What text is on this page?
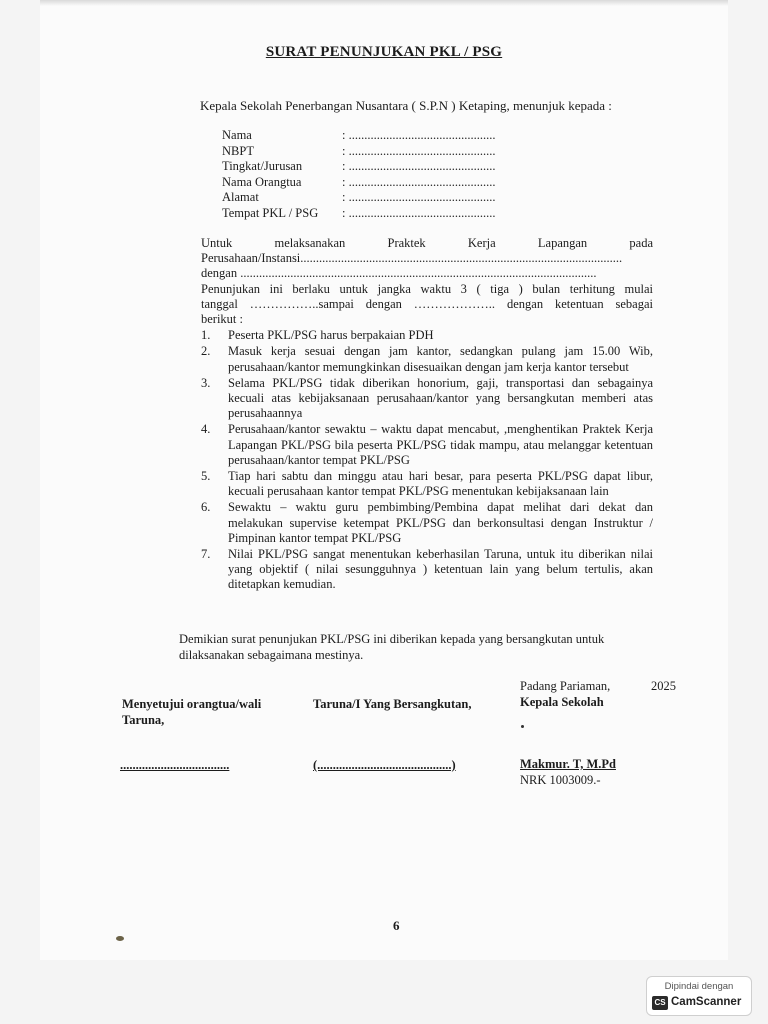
SURAT PENUNJUKAN PKL / PSG
Kepala Sekolah Penerbangan Nusantara ( S.P.N ) Ketaping, menunjuk kepada :
Nama	: ...............................................
NBPT	: ...............................................
Tingkat/Jurusan	: ...............................................
Nama Orangtua	: ...............................................
Alamat	: ...............................................
Tempat PKL / PSG	: ...............................................
Untuk melaksanakan Praktek Kerja Lapangan pada
Perusahaan/Instansi.......................................................................................................
dengan ..................................................................................................................
Penunjukan ini berlaku untuk jangka waktu 3 ( tiga ) bulan terhitung mulai
tanggal ……………..sampai dengan ……………….. dengan ketentuan sebagai
berikut :
1.	Peserta PKL/PSG harus berpakaian PDH
2.	Masuk kerja sesuai dengan jam kantor, sedangkan pulang jam 15.00 Wib, perusahaan/kantor memungkinkan disesuaikan dengan jam kerja kantor tersebut
3.	Selama PKL/PSG tidak diberikan honorium, gaji, transportasi dan sebagainya kecuali atas kebijaksanaan perusahaan/kantor yang bersangkutan memberi atas perusahaannya
4.	Perusahaan/kantor sewaktu – waktu dapat mencabut, ,menghentikan Praktek Kerja Lapangan PKL/PSG bila peserta PKL/PSG tidak mampu, atau melanggar ketentuan perusahaan/kantor tempat PKL/PSG
5.	Tiap hari sabtu dan minggu atau hari besar, para peserta PKL/PSG dapat libur, kecuali perusahaan kantor tempat PKL/PSG menentukan kebijaksanaan lain
6.	Sewaktu – waktu guru pembimbing/Pembina dapat melihat dari dekat dan melakukan supervise ketempat PKL/PSG dan berkonsultasi dengan Instruktur / Pimpinan kantor tempat PKL/PSG
7.	Nilai PKL/PSG sangat menentukan keberhasilan Taruna, untuk itu diberikan nilai yang objektif ( nilai sesungguhnya ) ketentuan lain yang belum tertulis, akan ditetapkan kemudian.
Demikian surat penunjukan PKL/PSG ini diberikan kepada yang bersangkutan untuk dilaksanakan sebagaimana mestinya.
Padang Pariaman,	2025
Menyetujui orangtua/wali
Taruna,
Taruna/I Yang Bersangkutan,	Kepala Sekolah
...................................	(...........................................)	Makmur. T, M.Pd
NRK 1003009.-
6
Dipindai dengan
CS CamScanner
